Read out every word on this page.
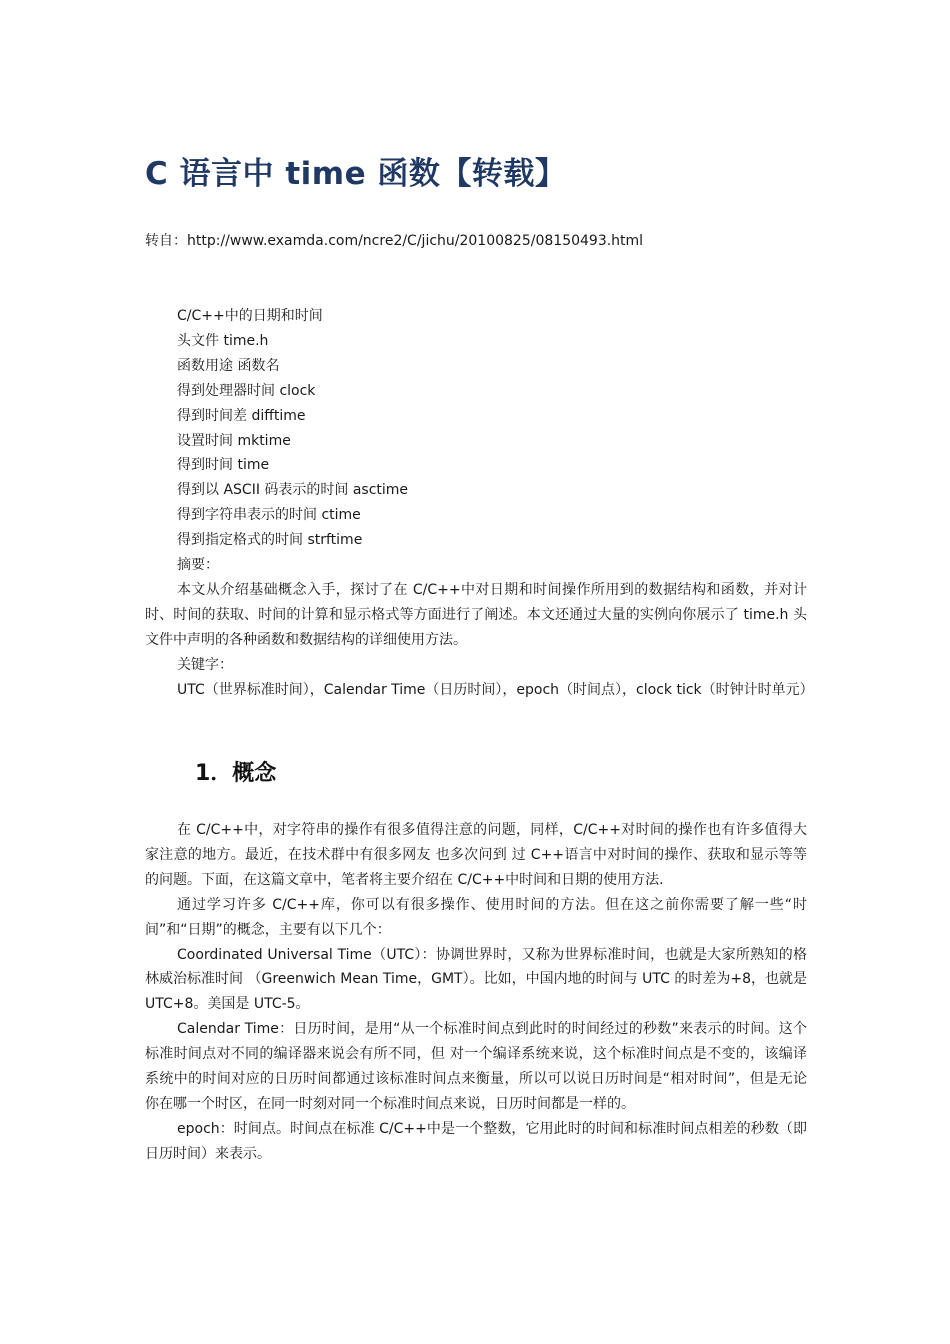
C 语言中 time 函数【转载】
转自：http://www.examda.com/ncre2/C/jichu/20100825/08150493.html

C/C++中的日期和时间

头文件 time.h

函数用途 函数名

得到处理器时间 clock

得到时间差 difftime

设置时间 mktime

得到时间 time

得到以 ASCII 码表示的时间 asctime

得到字符串表示的时间 ctime

得到指定格式的时间 strftime

摘要：

本文从介绍基础概念入手，探讨了在 C/C++中对日期和时间操作所用到的数据结构和函数，并对计时、时间的获取、时间的计算和显示格式等方面进行了阐述。本文还通过大量的实例向你展示了 time.h 头文件中声明的各种函数和数据结构的详细使用方法。

关键字：

UTC（世界标准时间），Calendar Time（日历时间），epoch（时间点），clock tick（时钟计时单元）

1．概念

在 C/C++中，对字符串的操作有很多值得注意的问题，同样，C/C++对时间的操作也有许多值得大家注意的地方。最近，在技术群中有很多网友 也多次问到 过 C++语言中对时间的操作、获取和显示等等的问题。下面，在这篇文章中，笔者将主要介绍在 C/C++中时间和日期的使用方法.

通过学习许多 C/C++库，你可以有很多操作、使用时间的方法。但在这之前你需要了解一些“时间”和“日期”的概念，主要有以下几个：

Coordinated Universal Time（UTC）：协调世界时，又称为世界标准时间，也就是大家所熟知的格林威治标准时间 （Greenwich Mean Time，GMT）。比如，中国内地的时间与 UTC 的时差为+8，也就是 UTC+8。美国是 UTC-5。

Calendar Time：日历时间，是用“从一个标准时间点到此时的时间经过的秒数”来表示的时间。这个标准时间点对不同的编译器来说会有所不同，但 对一个编译系统来说，这个标准时间点是不变的，该编译系统中的时间对应的日历时间都通过该标准时间点来衡量，所以可以说日历时间是“相对时间”，但是无论 你在哪一个时区，在同一时刻对同一个标准时间点来说，日历时间都是一样的。

epoch：时间点。时间点在标准 C/C++中是一个整数，它用此时的时间和标准时间点相差的秒数（即日历时间）来表示。
